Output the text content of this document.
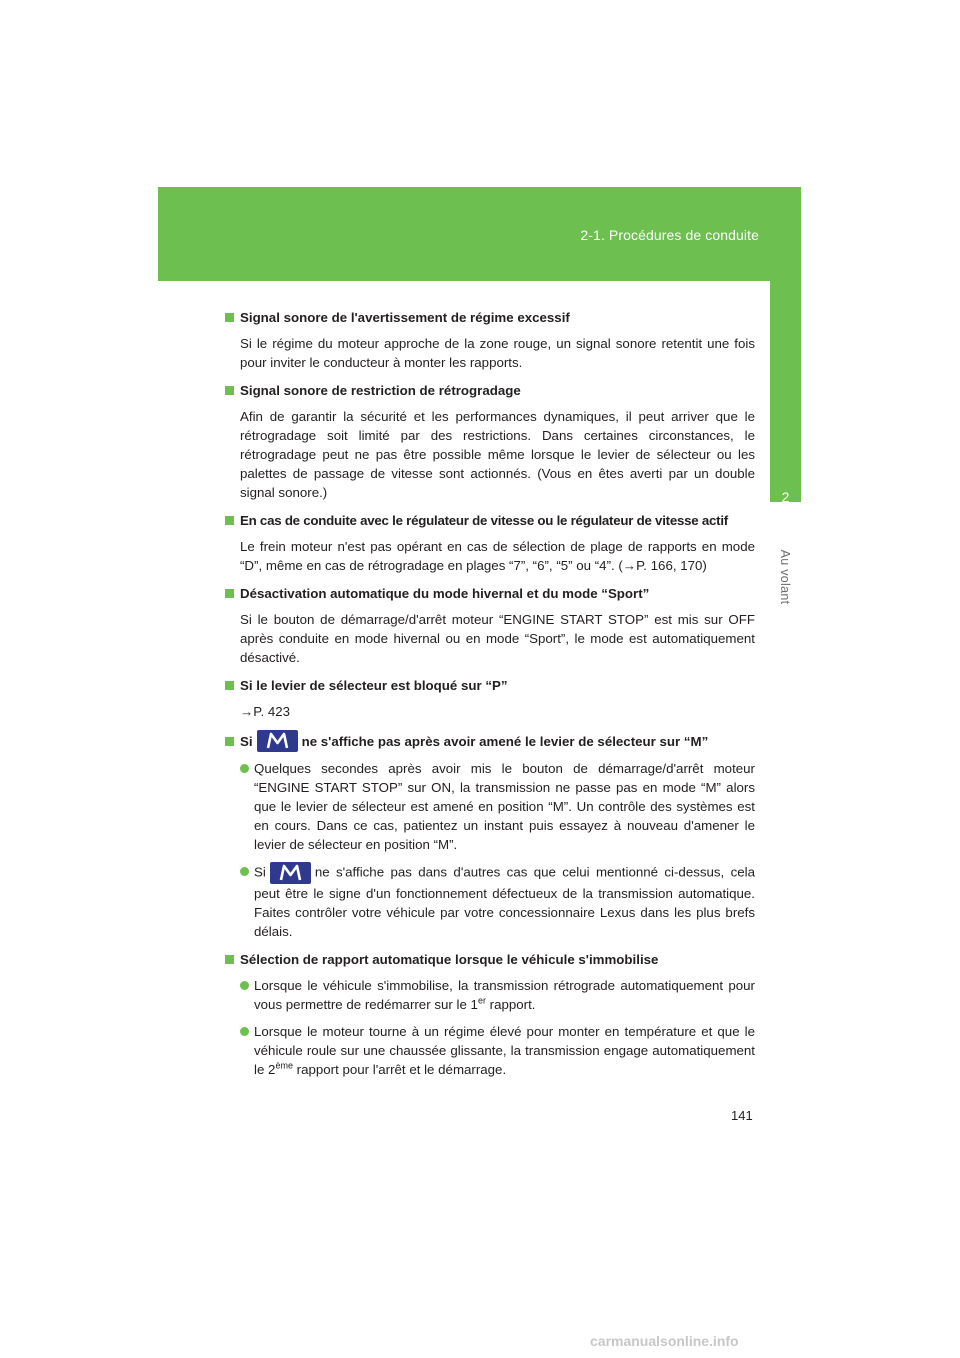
2-1. Procédures de conduite
2
Au volant
Signal sonore de l'avertissement de régime excessif
Si le régime du moteur approche de la zone rouge, un signal sonore retentit une fois pour inviter le conducteur à monter les rapports.
Signal sonore de restriction de rétrogradage
Afin de garantir la sécurité et les performances dynamiques, il peut arriver que le rétrogradage soit limité par des restrictions. Dans certaines circonstances, le rétrogradage peut ne pas être possible même lorsque le levier de sélecteur ou les palettes de passage de vitesse sont actionnés. (Vous en êtes averti par un double signal sonore.)
En cas de conduite avec le régulateur de vitesse ou le régulateur de vitesse actif
Le frein moteur n'est pas opérant en cas de sélection de plage de rapports en mode “D”, même en cas de rétrogradage en plages “7”, “6”, “5” ou “4”. (→P. 166, 170)
Désactivation automatique du mode hivernal et du mode “Sport”
Si le bouton de démarrage/d'arrêt moteur “ENGINE START STOP” est mis sur OFF après conduite en mode hivernal ou en mode “Sport”, le mode est automatiquement désactivé.
Si le levier de sélecteur est bloqué sur “P”
→P. 423
Si	ne s'affiche pas après avoir amené le levier de sélecteur sur “M”
Quelques secondes après avoir mis le bouton de démarrage/d'arrêt moteur “ENGINE START STOP” sur ON, la transmission ne passe pas en mode “M” alors que le levier de sélecteur est amené en position “M”. Un contrôle des systèmes est en cours. Dans ce cas, patientez un instant puis essayez à nouveau d'amener le levier de sélecteur en position “M”.
Si	ne s'affiche pas dans d'autres cas que celui mentionné ci-dessus, cela peut être le signe d'un fonctionnement défectueux de la transmission automatique. Faites contrôler votre véhicule par votre concessionnaire Lexus dans les plus brefs délais.
Sélection de rapport automatique lorsque le véhicule s'immobilise
Lorsque le véhicule s'immobilise, la transmission rétrograde automatiquement pour vous permettre de redémarrer sur le 1er rapport.
Lorsque le moteur tourne à un régime élevé pour monter en température et que le véhicule roule sur une chaussée glissante, la transmission engage automatiquement le 2ème rapport pour l'arrêt et le démarrage.
141
carmanualsonline.info
